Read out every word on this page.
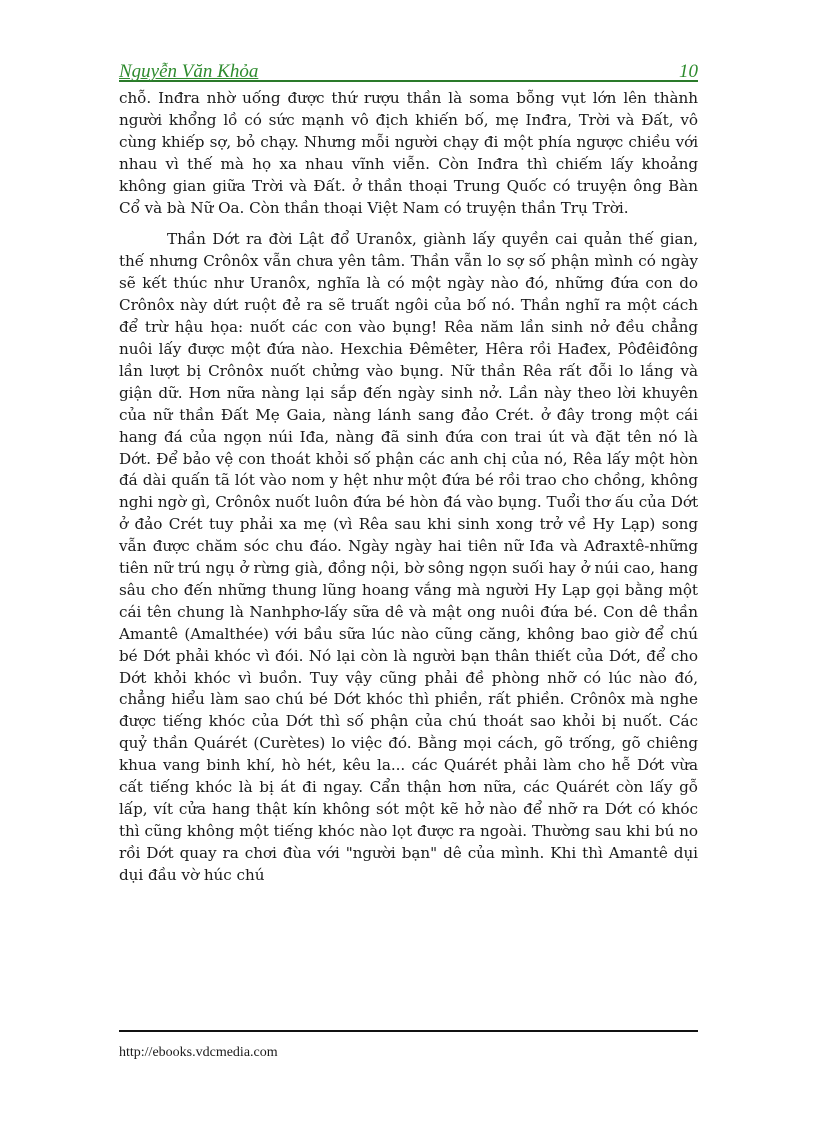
Nguyễn Văn Khỏa	10

chỗ. Inđra nhờ uống được thứ rượu thần là soma bỗng vụt lớn lên thành người khổng lồ có sức mạnh vô địch khiến bố, mẹ Inđra, Trời và Đất, vô cùng khiếp sợ, bỏ chạy. Nhưng mỗi người chạy đi một phía ngược chiều với nhau vì thế mà họ xa nhau vĩnh viễn. Còn Inđra thì chiếm lấy khoảng không gian giữa Trời và Đất. ở thần thoại Trung Quốc có truyện ông Bàn Cổ và bà Nữ Oa. Còn thần thoại Việt Nam có truyện thần Trụ Trời.

Thần Dớt ra đời Lật đổ Uranôx, giành lấy quyền cai quản thế gian, thế nhưng Crônôx vẫn chưa yên tâm. Thần vẫn lo sợ số phận mình có ngày sẽ kết thúc như Uranôx, nghĩa là có một ngày nào đó, những đứa con do Crônôx này dứt ruột đẻ ra sẽ truất ngôi của bố nó. Thần nghĩ ra một cách để trừ hậu họa: nuốt các con vào bụng! Rêa năm lần sinh nở đều chẳng nuôi lấy được một đứa nào. Hexchia Đêmêter, Hêra rồi Hađex, Pôđêiđông lần lượt bị Crônôx nuốt chửng vào bụng. Nữ thần Rêa rất đỗi lo lắng và giận dữ. Hơn nữa nàng lại sắp đến ngày sinh nở. Lần này theo lời khuyên của nữ thần Đất Mẹ Gaia, nàng lánh sang đảo Crét. ở đây trong một cái hang đá của ngọn núi Iđa, nàng đã sinh đứa con trai út và đặt tên nó là Dớt. Để bảo vệ con thoát khỏi số phận các anh chị của nó, Rêa lấy một hòn đá dài quấn tã lót vào nom y hệt như một đứa bé rồi trao cho chồng, không nghi ngờ gì, Crônôx nuốt luôn đứa bé hòn đá vào bụng. Tuổi thơ ấu của Dớt ở đảo Crét tuy phải xa mẹ (vì Rêa sau khi sinh xong trở về Hy Lạp) song vẫn được chăm sóc chu đáo. Ngày ngày hai tiên nữ Iđa và Ađraxtê-những tiên nữ trú ngụ ở rừng già, đồng nội, bờ sông ngọn suối hay ở núi cao, hang sâu cho đến những thung lũng hoang vắng mà người Hy Lạp gọi bằng một cái tên chung là Nanhphơ-lấy sữa dê và mật ong nuôi đứa bé. Con dê thần Amantê (Amalthée) với bầu sữa lúc nào cũng căng, không bao giờ để chú bé Dớt phải khóc vì đói. Nó lại còn là người bạn thân thiết của Dớt, để cho Dớt khỏi khóc vì buồn. Tuy vậy cũng phải đề phòng nhỡ có lúc nào đó, chẳng hiểu làm sao chú bé Dớt khóc thì phiền, rất phiền. Crônôx mà nghe được tiếng khóc của Dớt thì số phận của chú thoát sao khỏi bị nuốt. Các quỷ thần Quárét (Curètes) lo việc đó. Bằng mọi cách, gõ trống, gõ chiêng khua vang binh khí, hò hét, kêu la... các Quárét phải làm cho hễ Dớt vừa cất tiếng khóc là bị át đi ngay. Cẩn thận hơn nữa, các Quárét còn lấy gỗ lấp, vít cửa hang thật kín không sót một kẽ hở nào để nhỡ ra Dớt có khóc thì cũng không một tiếng khóc nào lọt được ra ngoài. Thường sau khi bú no rồi Dớt quay ra chơi đùa với "người bạn" dê của mình. Khi thì Amantê dụi dụi đầu vờ húc chú

http://ebooks.vdcmedia.com
